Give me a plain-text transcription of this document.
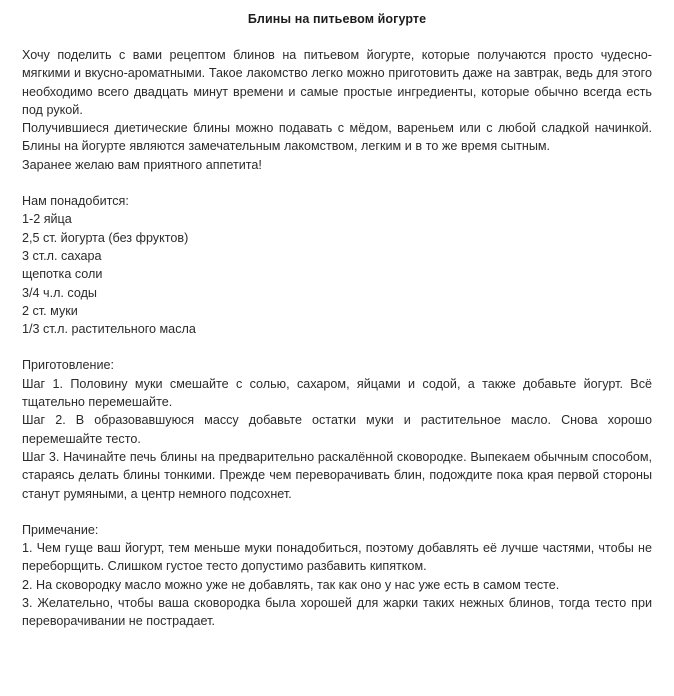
Блины на питьевом йогурте

Хочу поделить с вами рецептом блинов на питьевом йогурте, которые получаются просто чудесно-мягкими и вкусно-ароматными. Такое лакомство легко можно приготовить даже на завтрак, ведь для этого необходимо всего двадцать минут времени и самые простые ингредиенты, которые обычно всегда есть под рукой.

Получившиеся диетические блины можно подавать с мёдом, вареньем или с любой сладкой начинкой. Блины на йогурте являются замечательным лакомством, легким и в то же время сытным.

Заранее желаю вам приятного аппетита!

Нам понадобится:
1-2 яйца
2,5 ст. йогурта (без фруктов)
3 ст.л. сахара
щепотка соли
3/4 ч.л. соды
2 ст. муки
1/3 ст.л. растительного масла
Приготовление:

Шаг 1. Половину муки смешайте с солью, сахаром, яйцами и содой, а также добавьте йогурт. Всё тщательно перемешайте.

Шаг 2. В образовавшуюся массу добавьте остатки муки и растительное масло. Снова хорошо перемешайте тесто.

Шаг 3. Начинайте печь блины на предварительно раскалённой сковородке. Выпекаем обычным способом, стараясь делать блины тонкими. Прежде чем переворачивать блин, подождите пока края первой стороны станут румяными, а центр немного подсохнет.

Примечание:

1. Чем гуще ваш йогурт, тем меньше муки понадобиться, поэтому добавлять её лучше частями, чтобы не переборщить. Слишком густое тесто допустимо разбавить кипятком.

2. На сковородку масло можно уже не добавлять, так как оно у нас уже есть в самом тесте.

3. Желательно, чтобы ваша сковородка была хорошей для жарки таких нежных блинов, тогда тесто при переворачивании не пострадает.
